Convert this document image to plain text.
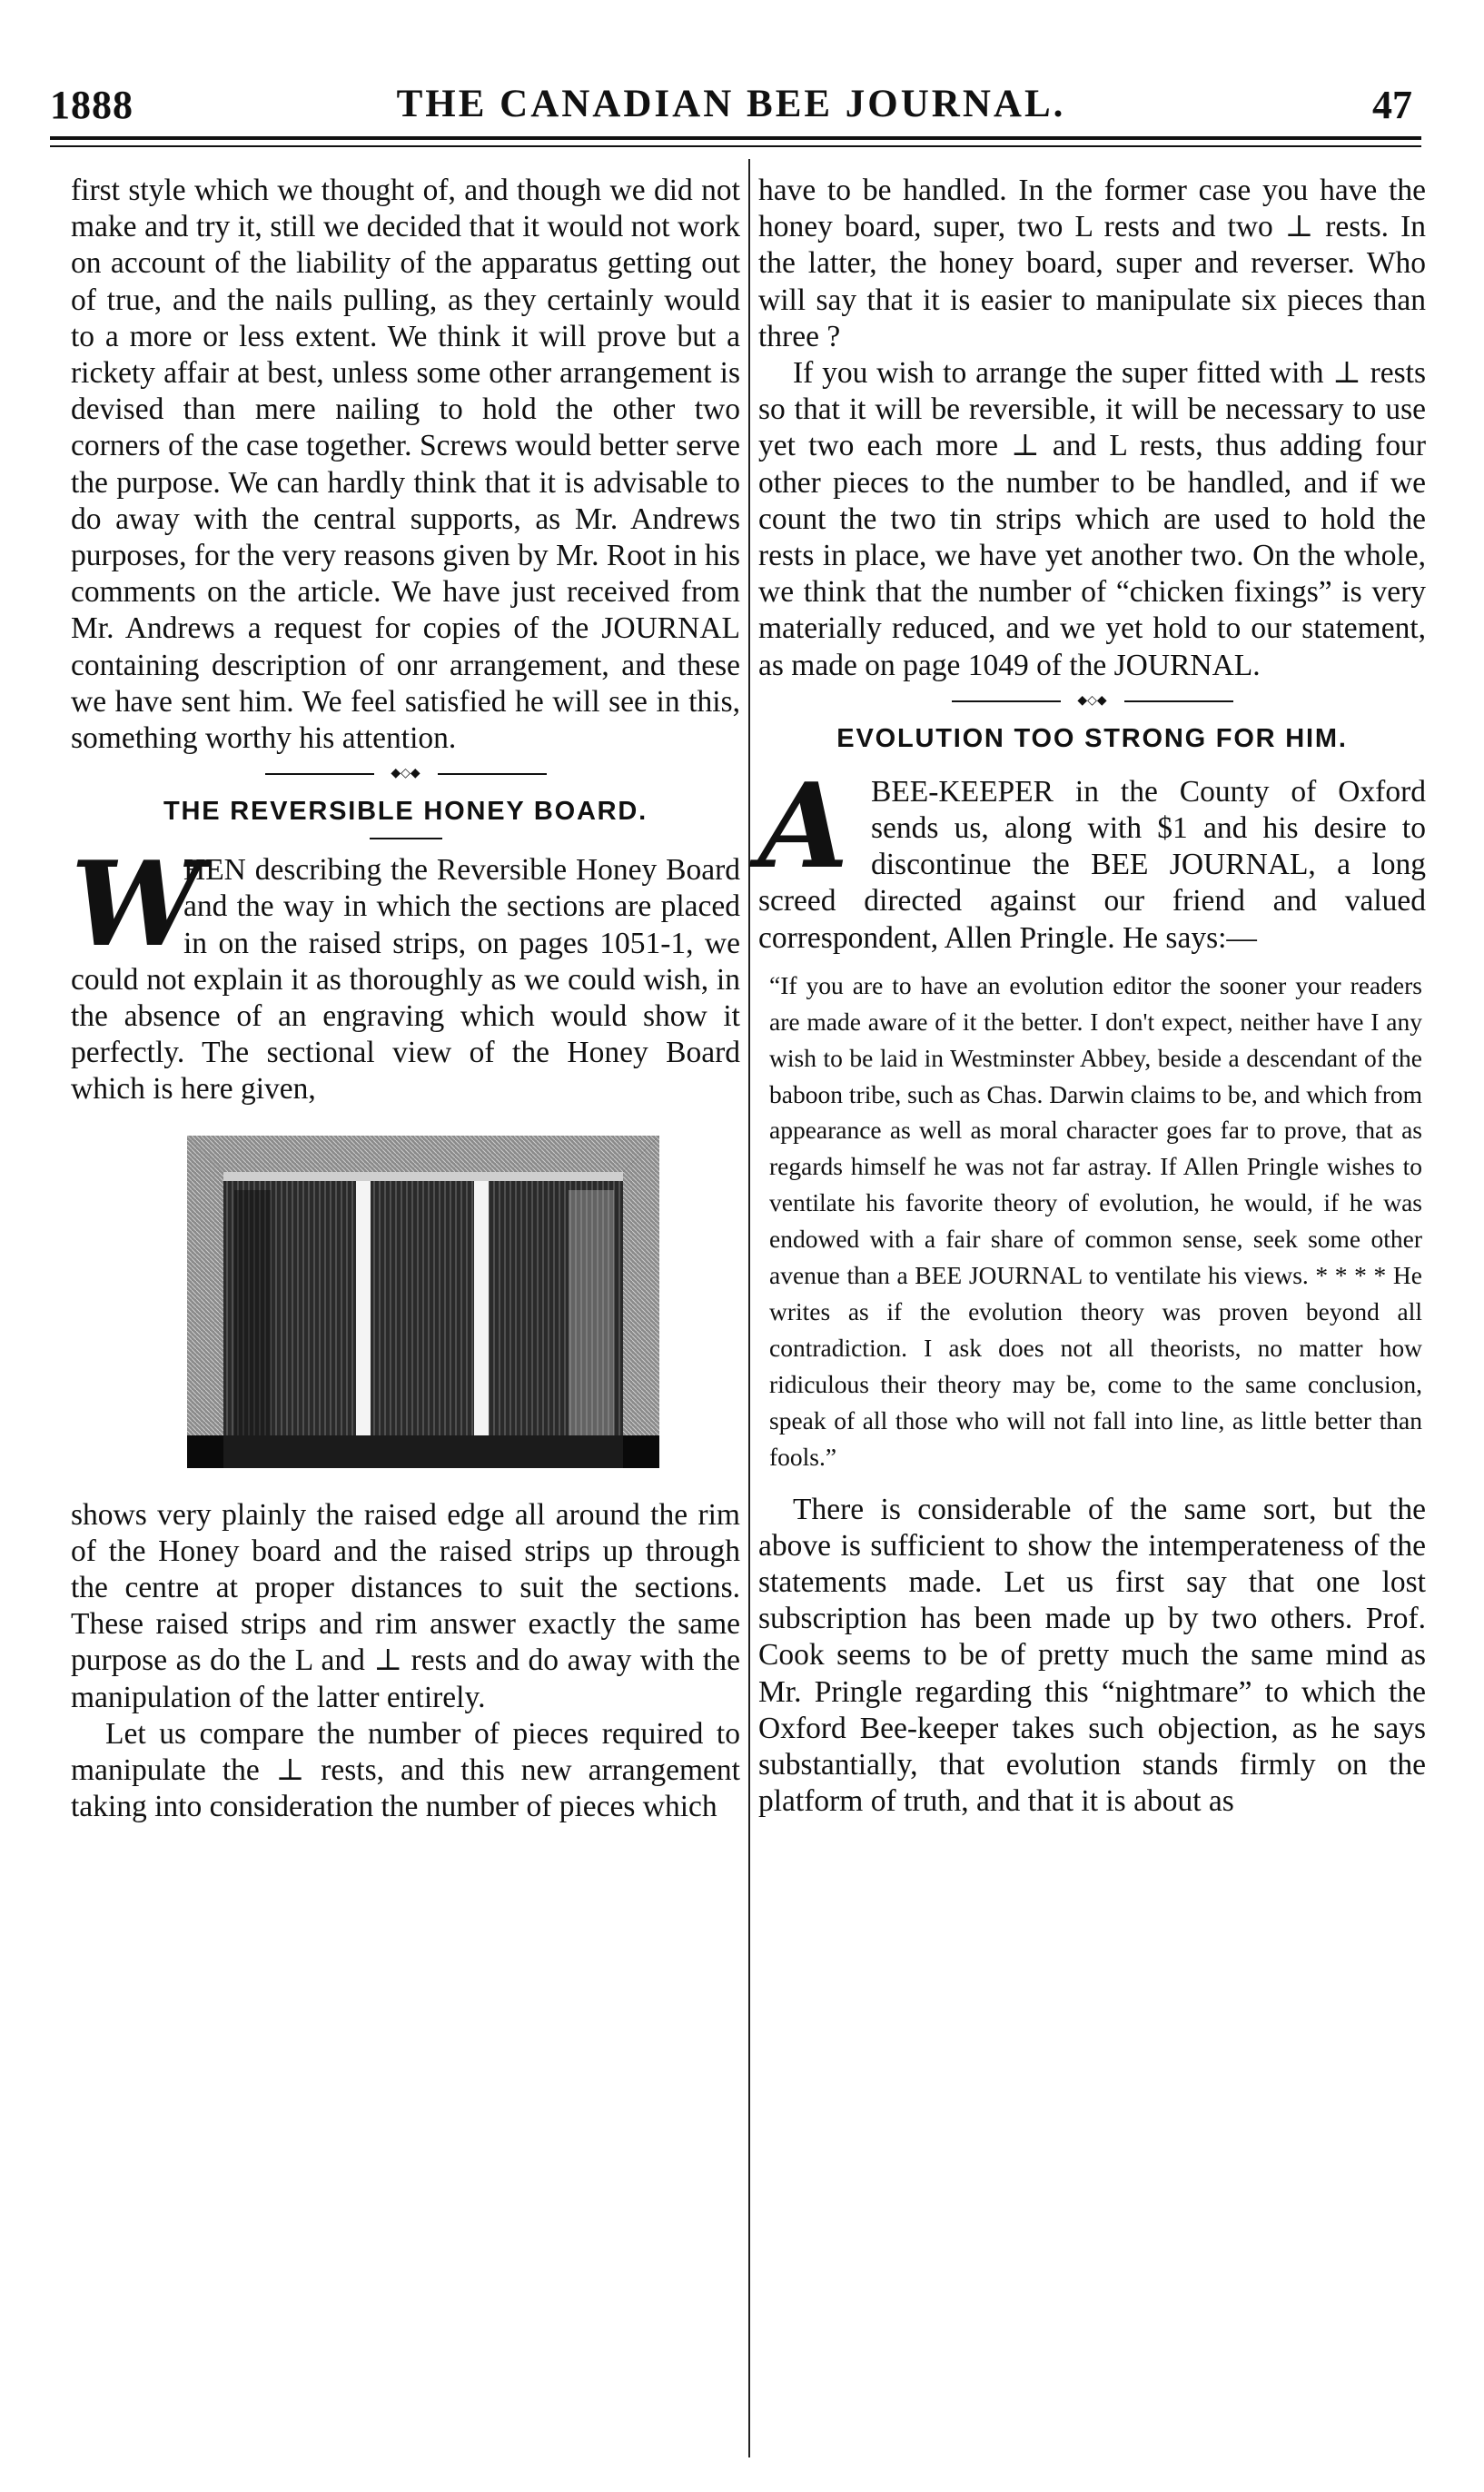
1888	THE CANADIAN BEE JOURNAL.	47

first style which we thought of, and though we did not make and try it, still we decided that it would not work on account of the liability of the apparatus getting out of true, and the nails pulling, as they certainly would to a more or less extent. We think it will prove but a rickety affair at best, unless some other arrangement is devised than mere nailing to hold the other two corners of the case together. Screws would better serve the purpose. We can hardly think that it is advisable to do away with the central supports, as Mr. Andrews purposes, for the very reasons given by Mr. Root in his comments on the article. We have just received from Mr. Andrews a request for copies of the JOURNAL containing description of onr arrangement, and these we have sent him. We feel satisfied he will see in this, something worthy his attention.

◆◇◆
THE REVERSIBLE HONEY BOARD.
W

HEN describing the Reversible Honey Board and the way in which the sections are placed in on the raised strips, on pages 1051-1, we could not explain it as thoroughly as we could wish, in the absence of an engraving which would show it perfectly. The sectional view of the Honey Board which is here given,

shows very plainly the raised edge all around the rim of the Honey board and the raised strips up through the centre at proper distances to suit the sections. These raised strips and rim answer exactly the same purpose as do the L and ⊥ rests and do away with the manipulation of the latter entirely.

Let us compare the number of pieces required to manipulate the ⊥ rests, and this new arrangement taking into consideration the number of pieces which

have to be handled. In the former case you have the honey board, super, two L rests and two ⊥ rests. In the latter, the honey board, super and reverser. Who will say that it is easier to manipulate six pieces than three ?

If you wish to arrange the super fitted with ⊥ rests so that it will be reversible, it will be necessary to use yet two each more ⊥ and L rests, thus adding four other pieces to the number to be handled, and if we count the two tin strips which are used to hold the rests in place, we have yet another two. On the whole, we think that the number of “chicken fixings” is very materially reduced, and we yet hold to our statement, as made on page 1049 of the JOURNAL.

◆◇◆
EVOLUTION TOO STRONG FOR HIM.
A BEE-KEEPER in the County of Oxford sends us, along with $1 and his desire to discontinue the BEE JOURNAL, a long screed directed against our friend and valued correspondent, Allen Pringle. He says:—

“If you are to have an evolution editor the sooner your readers are made aware of it the better. I don't expect, neither have I any wish to be laid in Westminster Abbey, beside a descendant of the baboon tribe, such as Chas. Darwin claims to be, and which from appearance as well as moral character goes far to prove, that as regards himself he was not far astray. If Allen Pringle wishes to ventilate his favorite theory of evolution, he would, if he was endowed with a fair share of common sense, seek some other avenue than a BEE JOURNAL to ventilate his views. * * * * He writes as if the evolution theory was proven beyond all contradiction. I ask does not all theorists, no matter how ridiculous their theory may be, come to the same conclusion, speak of all those who will not fall into line, as little better than fools.”

There is considerable of the same sort, but the above is sufficient to show the intemperateness of the statements made. Let us first say that one lost subscription has been made up by two others. Prof. Cook seems to be of pretty much the same mind as Mr. Pringle regarding this “nightmare” to which the Oxford Bee-keeper takes such objection, as he says substantially, that evolution stands firmly on the platform of truth, and that it is about as
